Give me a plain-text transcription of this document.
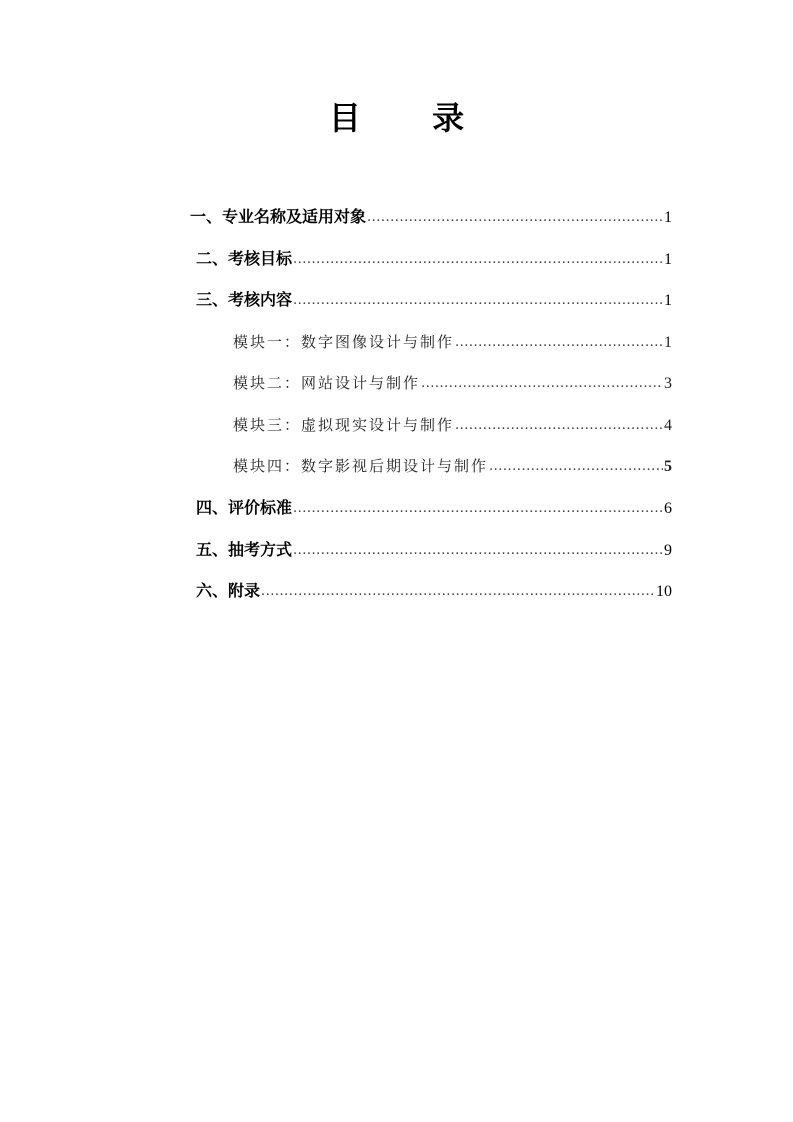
目 录
一、专业名称及适用对象 .....	1
二、考核目标 .....	1
三、考核内容 .....	1
模块一：数字图像设计与制作 .....	1
模块二：网站设计与制作 .....	3
模块三：虚拟现实设计与制作 .....	4
模块四：数字影视后期设计与制作 .....	5
四、评价标准 .....	6
五、抽考方式 .....	9
六、附录 .....	10
